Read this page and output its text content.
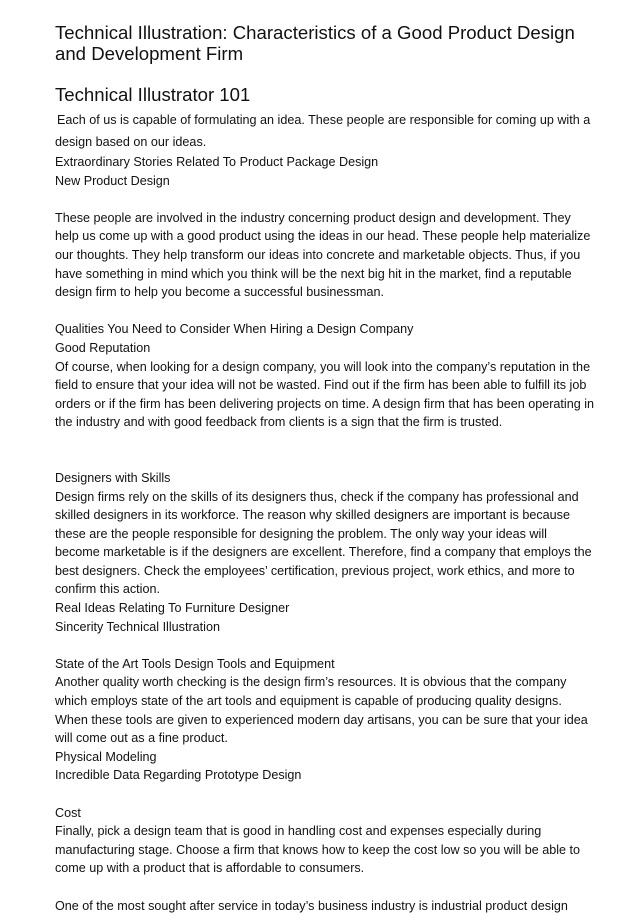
Technical Illustration: Characteristics of a Good Product Design and Development Firm
Technical Illustrator 101

Each of us is capable of formulating an idea. These people are responsible for coming up with a design based on our ideas.

Extraordinary Stories Related To Product Package Design

New Product Design

These people are involved in the industry concerning product design and development. They help us come up with a good product using the ideas in our head. These people help materialize our thoughts. They help transform our ideas into concrete and marketable objects. Thus, if you have something in mind which you think will be the next big hit in the market, find a reputable design firm to help you become a successful businessman.

Qualities You Need to Consider When Hiring a Design Company

Good Reputation

Of course, when looking for a design company, you will look into the company’s reputation in the field to ensure that your idea will not be wasted. Find out if the firm has been able to fulfill its job orders or if the firm has been delivering projects on time. A design firm that has been operating in the industry and with good feedback from clients is a sign that the firm is trusted.

Designers with Skills

Design firms rely on the skills of its designers thus, check if the company has professional and skilled designers in its workforce. The reason why skilled designers are important is because these are the people responsible for designing the problem. The only way your ideas will become marketable is if the designers are excellent. Therefore, find a company that employs the best designers. Check the employees’ certification, previous project, work ethics, and more to confirm this action.

Real Ideas Relating To Furniture Designer

Sincerity Technical Illustration

State of the Art Tools Design Tools and Equipment

Another quality worth checking is the design firm’s resources. It is obvious that the company which employs state of the art tools and equipment is capable of producing quality designs. When these tools are given to experienced modern day artisans, you can be sure that your idea will come out as a fine product.

Physical Modeling

Incredible Data Regarding Prototype Design

Cost

Finally, pick a design team that is good in handling cost and expenses especially during manufacturing stage. Choose a firm that knows how to keep the cost low so you will be able to come up with a product that is affordable to consumers.

One of the most sought after service in today’s business industry is industrial product design
